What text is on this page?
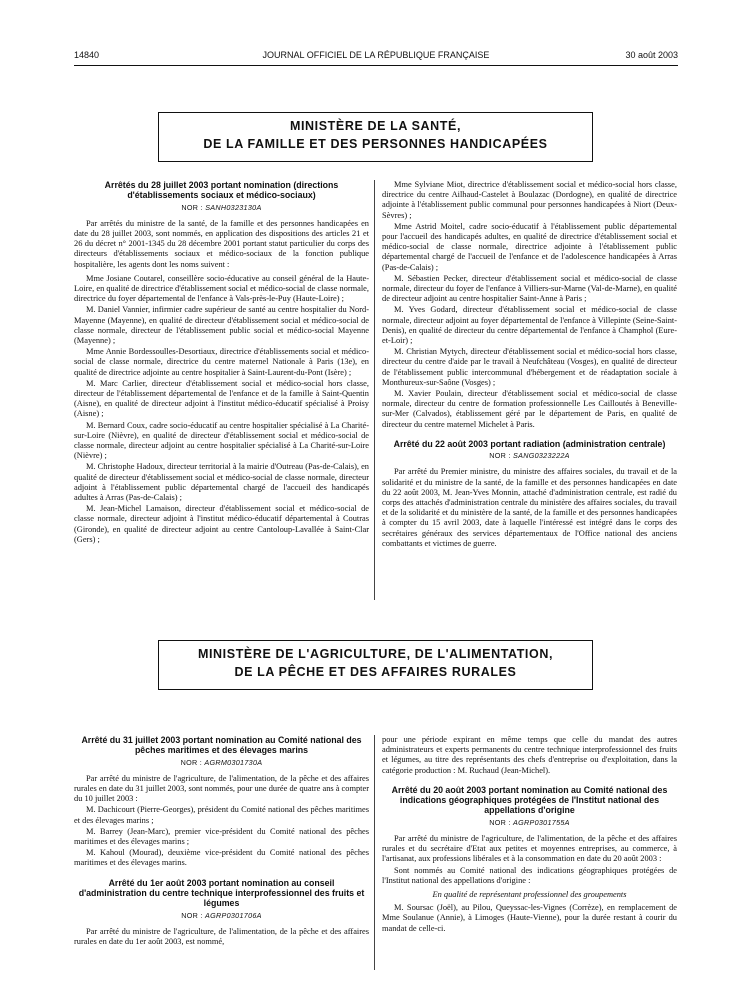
14840	JOURNAL OFFICIEL DE LA RÉPUBLIQUE FRANÇAISE	30 août 2003
MINISTÈRE DE LA SANTÉ,
DE LA FAMILLE ET DES PERSONNES HANDICAPÉES
Arrêtés du 28 juillet 2003 portant nomination (directions d'établissements sociaux et médico-sociaux)
NOR : SANH0323130A

Par arrêtés du ministre de la santé, de la famille et des personnes handicapées en date du 28 juillet 2003, sont nommés, en application des dispositions des articles 21 et 26 du décret n° 2001-1345 du 28 décembre 2001 portant statut particulier du corps des directeurs d'établissements sociaux et médico-sociaux de la fonction publique hospitalière, les agents dont les noms suivent :

Mme Josiane Coutarel, conseillère socio-éducative au conseil général de la Haute-Loire, en qualité de directrice d'établissement social et médico-social de classe normale, directrice du foyer départemental de l'enfance à Vals-près-le-Puy (Haute-Loire) ;

M. Daniel Vannier, infirmier cadre supérieur de santé au centre hospitalier du Nord-Mayenne (Mayenne), en qualité de directeur d'établissement social et médico-social de classe normale, directeur de l'établissement public social et médico-social Mayenne (Mayenne) ;

Mme Annie Bordessoulles-Desortiaux, directrice d'établissements social et médico-social de classe normale, directrice du centre maternel Nationale à Paris (13e), en qualité de directrice adjointe au centre hospitalier à Saint-Laurent-du-Pont (Isère) ;

M. Marc Carlier, directeur d'établissement social et médico-social hors classe, directeur de l'établissement départemental de l'enfance et de la famille à Saint-Quentin (Aisne), en qualité de directeur adjoint à l'institut médico-éducatif spécialisé à Proisy (Aisne) ;

M. Bernard Coux, cadre socio-éducatif au centre hospitalier spécialisé à La Charité-sur-Loire (Nièvre), en qualité de directeur d'établissement social et médico-social de classe normale, directeur adjoint au centre hospitalier spécialisé à La Charité-sur-Loire (Nièvre) ;

M. Christophe Hadoux, directeur territorial à la mairie d'Outreau (Pas-de-Calais), en qualité de directeur d'établissement social et médico-social de classe normale, directeur adjoint à l'établissement public départemental chargé de l'accueil des handicapés adultes à Arras (Pas-de-Calais) ;

M. Jean-Michel Lamaison, directeur d'établissement social et médico-social de classe normale, directeur adjoint à l'institut médico-éducatif départemental à Coutras (Gironde), en qualité de directeur adjoint au centre Cantoloup-Lavallée à Saint-Clar (Gers) ;

Mme Sylviane Miot, directrice d'établissement social et médico-social hors classe, directrice du centre Ailhaud-Castelet à Boulazac (Dordogne), en qualité de directrice adjointe à l'établissement public communal pour personnes handicapées à Niort (Deux-Sèvres) ;

Mme Astrid Moitel, cadre socio-éducatif à l'établissement public départemental pour l'accueil des handicapés adultes, en qualité de directrice d'établissement social et médico-social de classe normale, directrice adjointe à l'établissement public départemental chargé de l'accueil de l'enfance et de l'adolescence handicapées à Arras (Pas-de-Calais) ;

M. Sébastien Pecker, directeur d'établissement social et médico-social de classe normale, directeur du foyer de l'enfance à Villiers-sur-Marne (Val-de-Marne), en qualité de directeur adjoint au centre hospitalier Saint-Anne à Paris ;

M. Yves Godard, directeur d'établissement social et médico-social de classe normale, directeur adjoint au foyer départemental de l'enfance à Villepinte (Seine-Saint-Denis), en qualité de directeur du centre départemental de l'enfance à Champhol (Eure-et-Loir) ;

M. Christian Mytych, directeur d'établissement social et médico-social hors classe, directeur du centre d'aide par le travail à Neufchâteau (Vosges), en qualité de directeur de l'établissement public intercommunal d'hébergement et de réadaptation sociale à Monthureux-sur-Saône (Vosges) ;

M. Xavier Poulain, directeur d'établissement social et médico-social de classe normale, directeur du centre de formation professionnelle Les Cailloutés à Beneville-sur-Mer (Calvados), établissement géré par le département de Paris, en qualité de directeur du centre maternel Michelet à Paris.

Arrêté du 22 août 2003 portant radiation (administration centrale)
NOR : SANG0323222A

Par arrêté du Premier ministre, du ministre des affaires sociales, du travail et de la solidarité et du ministre de la santé, de la famille et des personnes handicapées en date du 22 août 2003, M. Jean-Yves Monnin, attaché d'administration centrale, est radié du corps des attachés d'administration centrale du ministère des affaires sociales, du travail et de la solidarité et du ministère de la santé, de la famille et des personnes handicapées à compter du 15 avril 2003, date à laquelle l'intéressé est intégré dans le corps des secrétaires généraux des services départementaux de l'Office national des anciens combattants et victimes de guerre.

MINISTÈRE DE L'AGRICULTURE, DE L'ALIMENTATION,
DE LA PÊCHE ET DES AFFAIRES RURALES
Arrêté du 31 juillet 2003 portant nomination au Comité national des pêches maritimes et des élevages marins
NOR : AGRM0301730A

Par arrêté du ministre de l'agriculture, de l'alimentation, de la pêche et des affaires rurales en date du 31 juillet 2003, sont nommés, pour une durée de quatre ans à compter du 10 juillet 2003 :

M. Dachicourt (Pierre-Georges), président du Comité national des pêches maritimes et des élevages marins ;

M. Barrey (Jean-Marc), premier vice-président du Comité national des pêches maritimes et des élevages marins ;

M. Kahoul (Mourad), deuxième vice-président du Comité national des pêches maritimes et des élevages marins.

Arrêté du 1er août 2003 portant nomination au conseil d'administration du centre technique interprofessionnel des fruits et légumes
NOR : AGRP0301706A

Par arrêté du ministre de l'agriculture, de l'alimentation, de la pêche et des affaires rurales en date du 1er août 2003, est nommé,

pour une période expirant en même temps que celle du mandat des autres administrateurs et experts permanents du centre technique interprofessionnel des fruits et légumes, au titre des représentants des chefs d'entreprise ou d'exploitation, dans la catégorie production : M. Ruchaud (Jean-Michel).

Arrêté du 20 août 2003 portant nomination au Comité national des indications géographiques protégées de l'Institut national des appellations d'origine
NOR : AGRP0301755A

Par arrêté du ministre de l'agriculture, de l'alimentation, de la pêche et des affaires rurales et du secrétaire d'Etat aux petites et moyennes entreprises, au commerce, à l'artisanat, aux professions libérales et à la consommation en date du 20 août 2003 :

Sont nommés au Comité national des indications géographiques protégées de l'Institut national des appellations d'origine :

En qualité de représentant professionnel des groupements

M. Soursac (Joël), au Pilou, Queyssac-les-Vignes (Corrèze), en remplacement de Mme Soulanue (Annie), à Limoges (Haute-Vienne), pour la durée restant à courir du mandat de celle-ci.
